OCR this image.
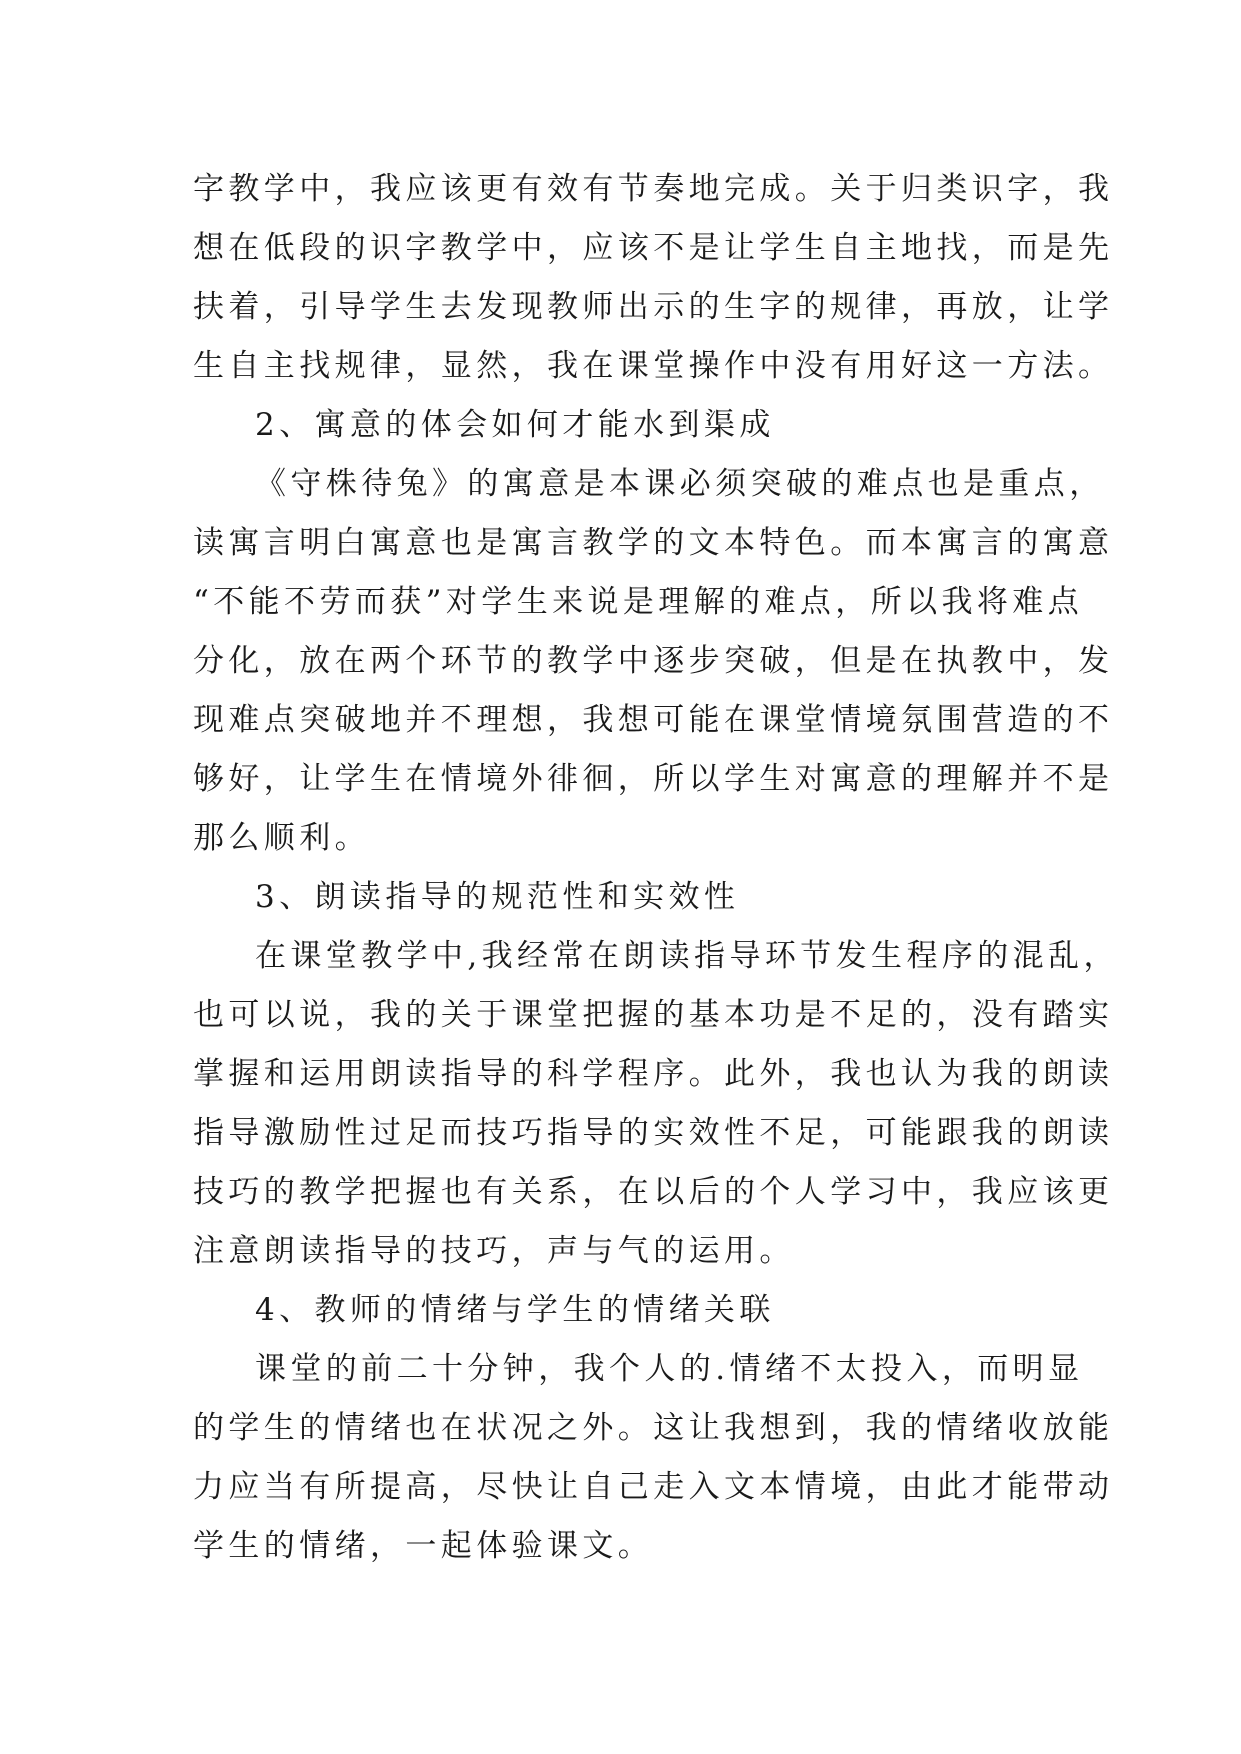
字教学中，我应该更有效有节奏地完成。关于归类识字，我

想在低段的识字教学中，应该不是让学生自主地找，而是先

扶着，引导学生去发现教师出示的生字的规律，再放，让学

生自主找规律，显然，我在课堂操作中没有用好这一方法。

2、寓意的体会如何才能水到渠成

《守株待兔》的寓意是本课必须突破的难点也是重点，

读寓言明白寓意也是寓言教学的文本特色。而本寓言的寓意

“不能不劳而获”对学生来说是理解的难点，所以我将难点

分化，放在两个环节的教学中逐步突破，但是在执教中，发

现难点突破地并不理想，我想可能在课堂情境氛围营造的不

够好，让学生在情境外徘徊，所以学生对寓意的理解并不是

那么顺利。

3、朗读指导的规范性和实效性

在课堂教学中,我经常在朗读指导环节发生程序的混乱，

也可以说，我的关于课堂把握的基本功是不足的，没有踏实

掌握和运用朗读指导的科学程序。此外，我也认为我的朗读

指导激励性过足而技巧指导的实效性不足，可能跟我的朗读

技巧的教学把握也有关系，在以后的个人学习中，我应该更

注意朗读指导的技巧，声与气的运用。

4、教师的情绪与学生的情绪关联

课堂的前二十分钟，我个人的.情绪不太投入，而明显

的学生的情绪也在状况之外。这让我想到，我的情绪收放能

力应当有所提高，尽快让自己走入文本情境，由此才能带动

学生的情绪，一起体验课文。
